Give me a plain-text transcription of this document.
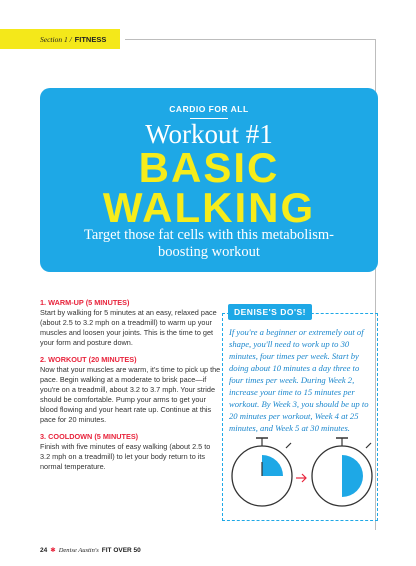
Section 1 / FITNESS
CARDIO FOR ALL
Workout #1
BASIC
WALKING
Target those fat cells with this metabolism-boosting workout
1. WARM-UP (5 MINUTES)

Start by walking for 5 minutes at an easy, relaxed pace (about 2.5 to 3.2 mph on a treadmill) to warm up your muscles and loosen your joints. This is the time to get your form and posture down.

2. WORKOUT (20 MINUTES)

Now that your muscles are warm, it's time to pick up the pace. Begin walking at a moderate to brisk pace—if you're on a treadmill, about 3.2 to 3.7 mph. Your stride should be comfortable. Pump your arms to get your blood flowing and your heart rate up. Continue at this pace for 20 minutes.

3. COOLDOWN (5 MINUTES)

Finish with five minutes of easy walking (about 2.5 to 3.2 mph on a treadmill) to let your body return to its normal temperature.

DENISE'S DO'S!
If you're a beginner or extremely out of shape, you'll need to work up to 30 minutes, four times per week. Start by doing about 10 minutes a day three to four times per week. During Week 2, increase your time to 15 minutes per workout. By Week 3, you should be up to 20 minutes per workout, Week 4 at 25 minutes, and Week 5 at 30 minutes.
24 ✱ Denise Austin's FIT OVER 50
